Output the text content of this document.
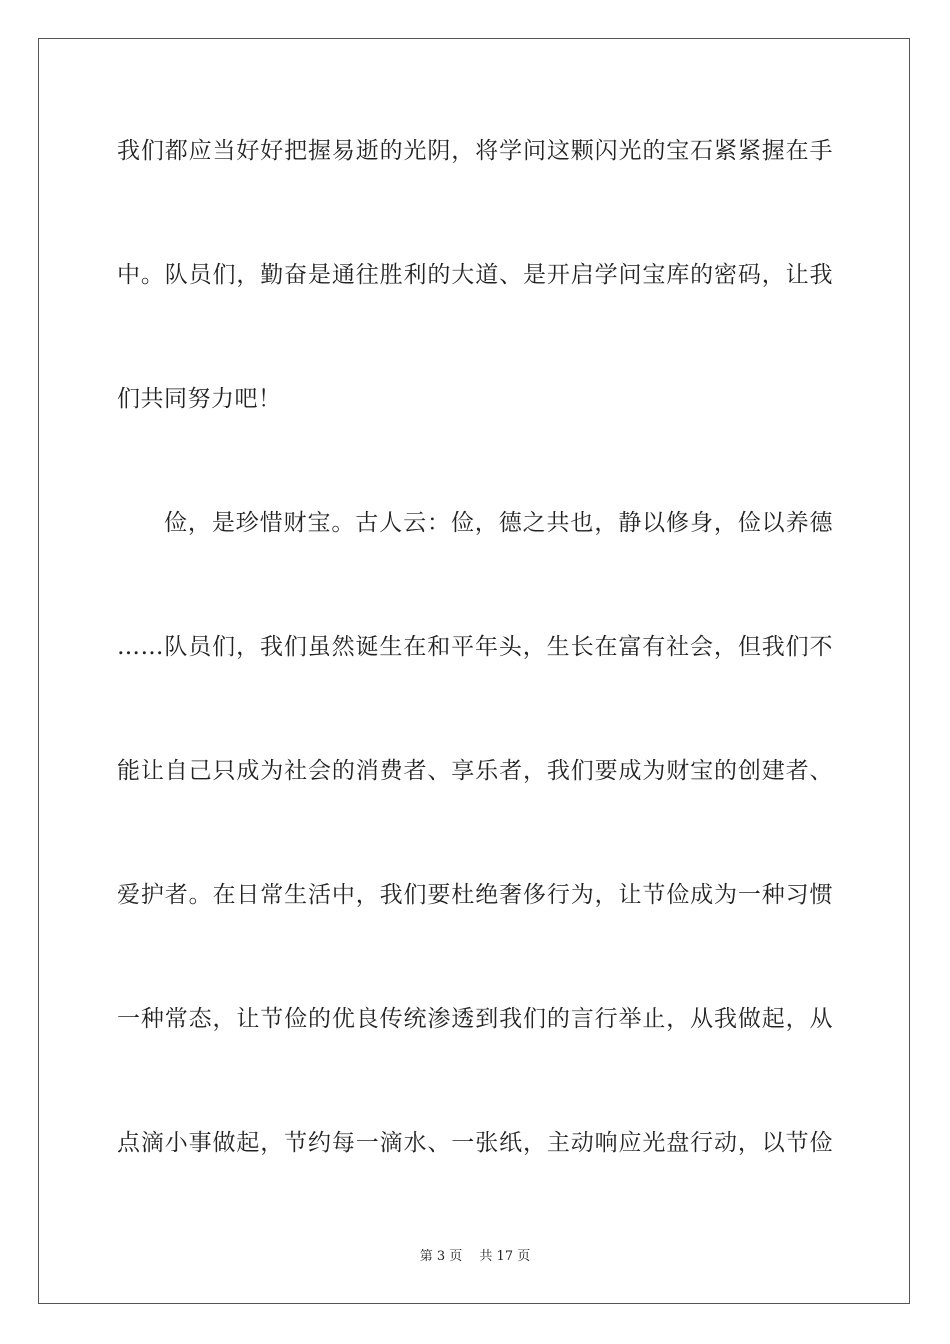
我们都应当好好把握易逝的光阴，将学问这颗闪光的宝石紧紧握在手
中。队员们，勤奋是通往胜利的大道、是开启学问宝库的密码，让我
们共同努力吧！
俭，是珍惜财宝。古人云：俭，德之共也，静以修身，俭以养德
……队员们，我们虽然诞生在和平年头，生长在富有社会，但我们不
能让自己只成为社会的消费者、享乐者，我们要成为财宝的创建者、
爱护者。在日常生活中，我们要杜绝奢侈行为，让节俭成为一种习惯
一种常态，让节俭的优良传统渗透到我们的言行举止，从我做起，从
点滴小事做起，节约每一滴水、一张纸，主动响应光盘行动，以节俭
第 3 页　 共 17 页
